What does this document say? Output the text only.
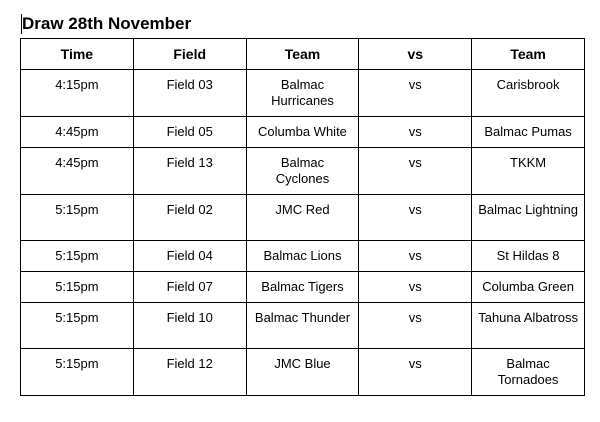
Draw 28th November
Time	Field	Team	vs	Team
4:15pm	Field 03	Balmac Hurricanes	vs	Carisbrook
4:45pm	Field 05	Columba White	vs	Balmac Pumas
4:45pm	Field 13	Balmac Cyclones	vs	TKKM
5:15pm	Field 02	JMC Red	vs	Balmac Lightning
5:15pm	Field 04	Balmac Lions	vs	St Hildas 8
5:15pm	Field 07	Balmac Tigers	vs	Columba Green
5:15pm	Field 10	Balmac Thunder	vs	Tahuna Albatross
5:15pm	Field 12	JMC Blue	vs	Balmac Tornadoes
